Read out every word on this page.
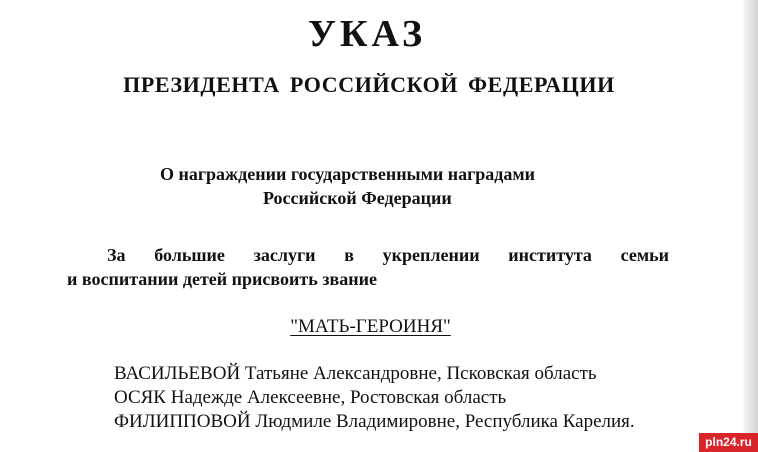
УКАЗ
ПРЕЗИДЕНТА РОССИЙСКОЙ ФЕДЕРАЦИИ

О награждении государственными наградами

Российской Федерации

За большие заслуги в укреплении института семьи
и воспитании детей присвоить звание

"МАТЬ-ГЕРОИНЯ"

ВАСИЛЬЕВОЙ Татьяне Александровне, Псковская область
ОСЯК Надежде Алексеевне, Ростовская область
ФИЛИППОВОЙ Людмиле Владимировне, Республика Карелия.
pln24.ru
